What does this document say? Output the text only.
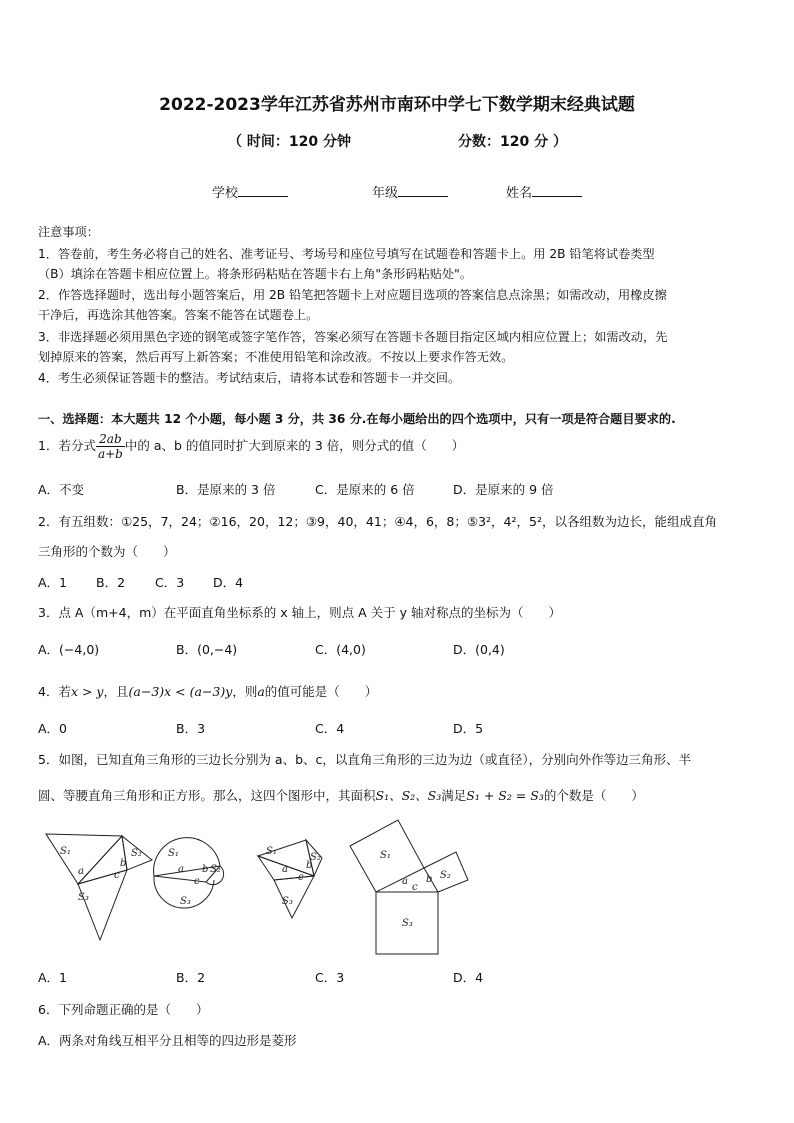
2022-2023学年江苏省苏州市南环中学七下数学期末经典试题
（ 时间：120 分钟	分数：120 分 ）
学校	年级	姓名
注意事项：
1．答卷前，考生务必将自己的姓名、准考证号、考场号和座位号填写在试题卷和答题卡上。用 2B 铅笔将试卷类型
（B）填涂在答题卡相应位置上。将条形码粘贴在答题卡右上角"条形码粘贴处"。
2．作答选择题时，选出每小题答案后，用 2B 铅笔把答题卡上对应题目选项的答案信息点涂黑；如需改动，用橡皮擦
干净后，再选涂其他答案。答案不能答在试题卷上。
3．非选择题必须用黑色字迹的钢笔或签字笔作答，答案必须写在答题卡各题目指定区域内相应位置上；如需改动，先
划掉原来的答案，然后再写上新答案；不准使用铅笔和涂改液。不按以上要求作答无效。
4．考生必须保证答题卡的整洁。考试结束后，请将本试卷和答题卡一并交回。
一、选择题：本大题共 12 个小题，每小题 3 分，共 36 分.在每小题给出的四个选项中，只有一项是符合题目要求的.
1．若分式 $\frac{2ab}{a+b}$ 中的 a、b 的值同时扩大到原来的 3 倍，则分式的值（　　）
A．不变	B．是原来的 3 倍	C．是原来的 6 倍	D．是原来的 9 倍
2．有五组数：①25，7，24；②16，20，12；③9，40，41；④4，6，8；⑤3²，4²，5²，以各组数为边长，能组成直角
三角形的个数为（　　）
A．1 B．2 C．3 D．4
3．点 A（m+4，m）在平面直角坐标系的 x 轴上，则点 A 关于 y 轴对称点的坐标为（　　）
A．(−4,0)	B．(0,−4)	C．(4,0)	D．(0,4)
4．若x > y，且(a−3)x < (a−3)y，则a的值可能是（　　）
A．0	B．3	C．4	D．5
5．如图，已知直角三角形的三边长分别为 a、b、c，以直角三角形的三边为边（或直径），分别向外作等边三角形、半
圆、等腰直角三角形和正方形。那么，这四个图形中，其面积S₁、S₂、S₃满足S₁ + S₂ = S₃的个数是（　　）
S₁	S₂
S₃
a	c
b
S₁
S₂
S₃
a
c
b
S₁
S₂
S₃
a
c
b
S₁
S₂
S₃
a
c
b
A．1	B．2	C．3	D．4
6．下列命题正确的是（　　）
A．两条对角线互相平分且相等的四边形是菱形
